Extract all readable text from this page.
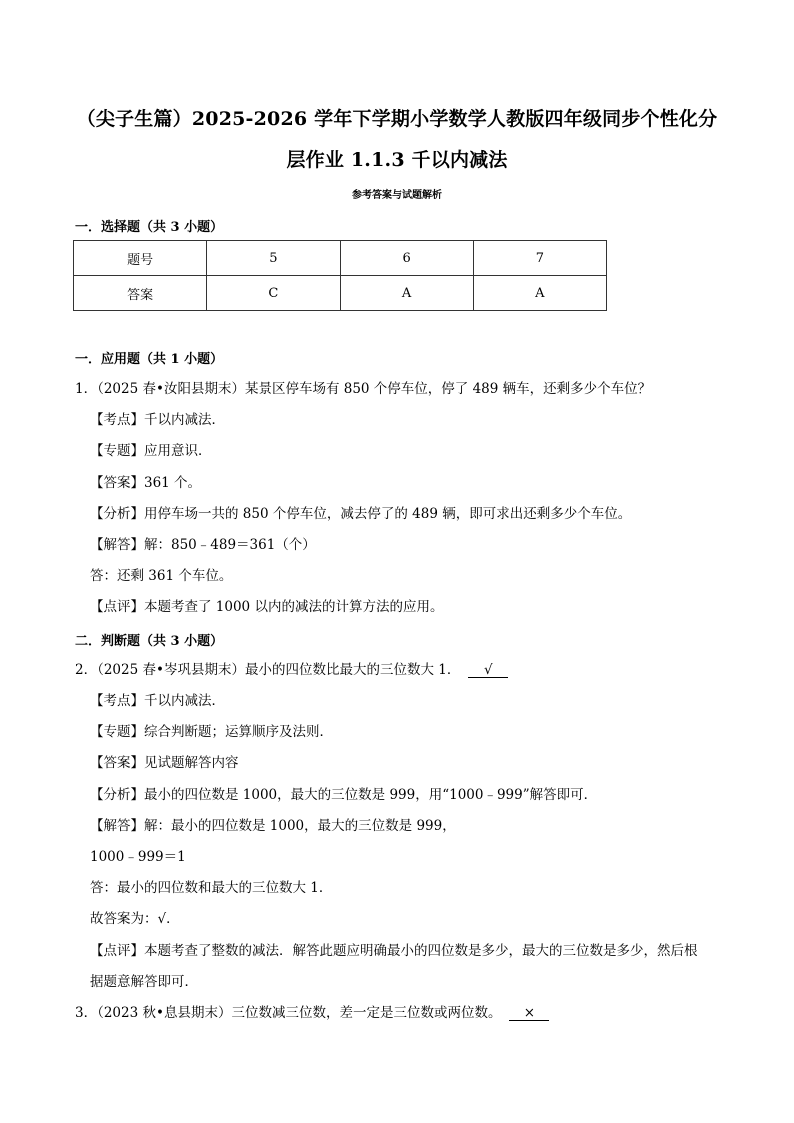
（尖子生篇）2025-2026 学年下学期小学数学人教版四年级同步个性化分
层作业 1.1.3 千以内减法
参考答案与试题解析
一．选择题（共 3 小题）
题号	5	6	7
答案	C	A	A
一．应用题（共 1 小题）
1．（2025 春•汝阳县期末）某景区停车场有 850 个停车位，停了 489 辆车，还剩多少个车位？
【考点】千以内减法．
【专题】应用意识．
【答案】361 个。
【分析】用停车场一共的 850 个停车位，减去停了的 489 辆，即可求出还剩多少个车位。
【解答】解：850﹣489＝361（个）
答：还剩 361 个车位。
【点评】本题考查了 1000 以内的减法的计算方法的应用。
二．判断题（共 3 小题）
2．（2025 春•岑巩县期末）最小的四位数比最大的三位数大 1． √
【考点】千以内减法．
【专题】综合判断题；运算顺序及法则．
【答案】见试题解答内容
【分析】最小的四位数是 1000，最大的三位数是 999，用“1000﹣999”解答即可．
【解答】解：最小的四位数是 1000，最大的三位数是 999，
1000﹣999＝1
答：最小的四位数和最大的三位数大 1．
故答案为：√．
【点评】本题考查了整数的减法．解答此题应明确最小的四位数是多少，最大的三位数是多少，然后根
据题意解答即可．
3．（2023 秋•息县期末）三位数减三位数，差一定是三位数或两位数。 ×
